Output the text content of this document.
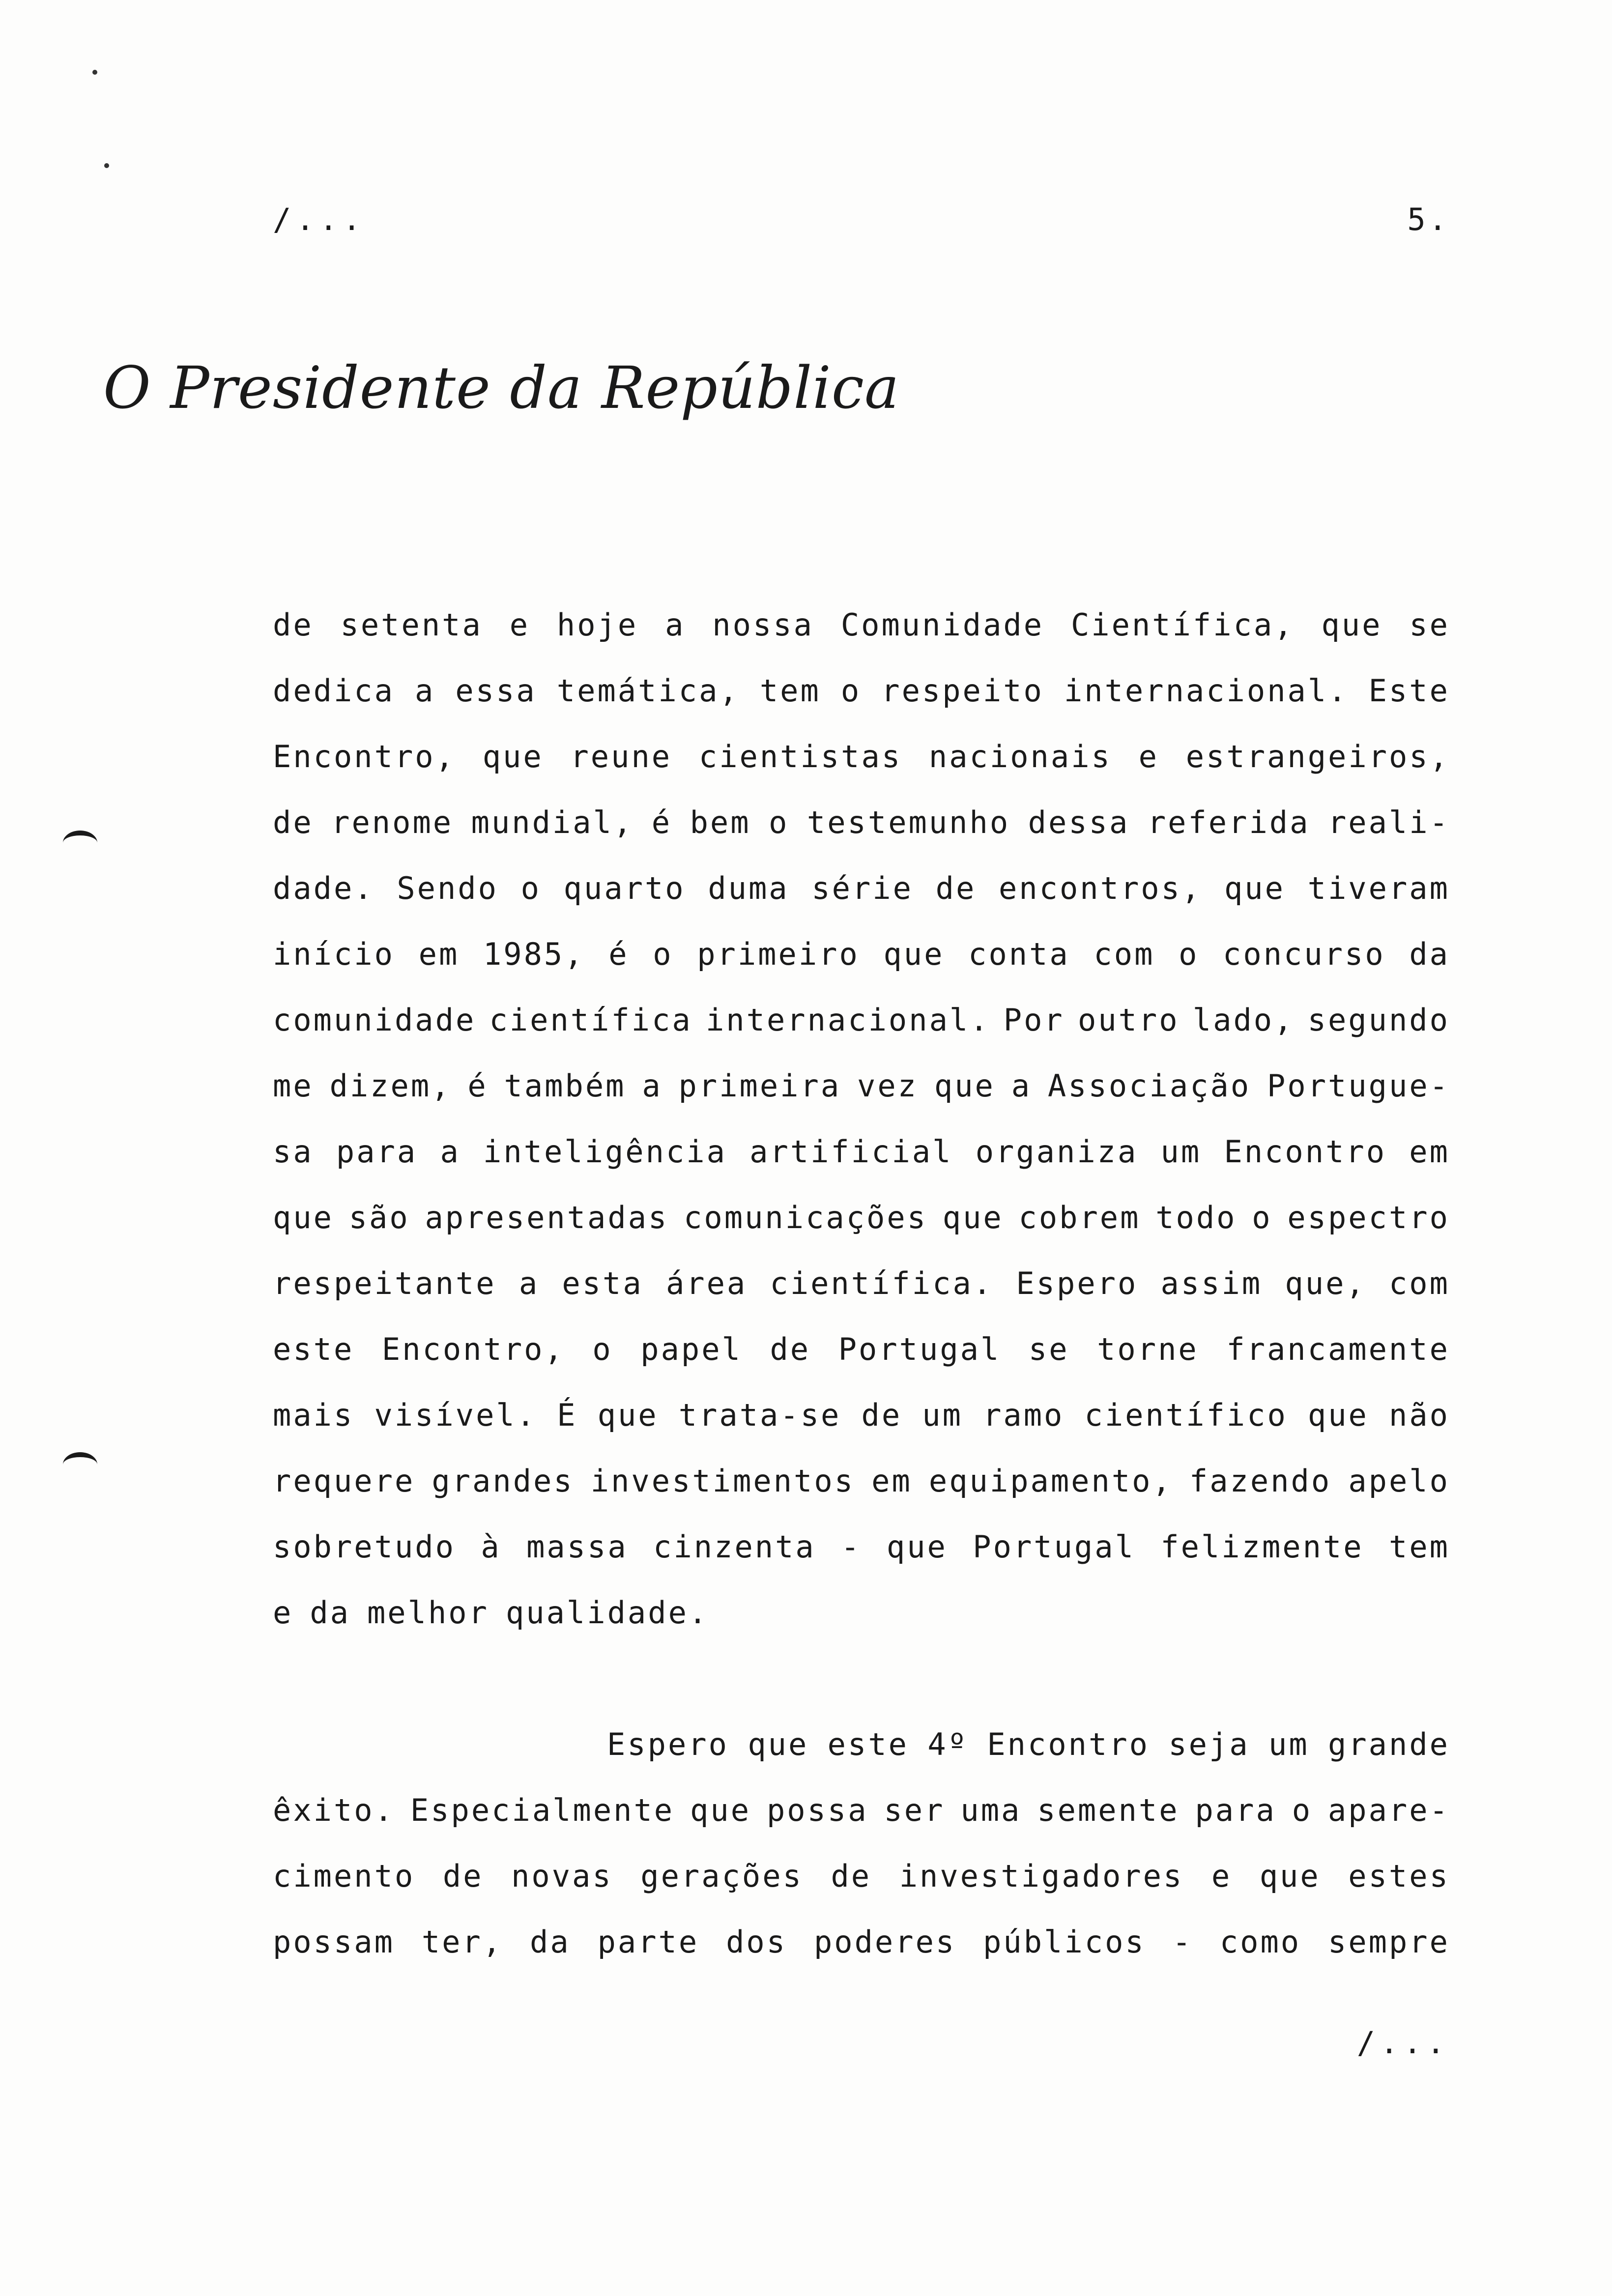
/...	5.
O Presidente da República
de setenta e hoje a nossa Comunidade Científica, que se
dedica a essa temática, tem o respeito internacional. Este
Encontro, que reune cientistas nacionais e estrangeiros,
de renome mundial, é bem o testemunho dessa referida reali-
dade. Sendo o quarto duma série de encontros, que tiveram
início em 1985, é o primeiro que conta com o concurso da
comunidade científica internacional. Por outro lado, segundo
me dizem, é também a primeira vez que a Associação Portugue-
sa para a inteligência artificial organiza um Encontro em
que são apresentadas comunicações que cobrem todo o espectro
respeitante a esta área científica. Espero assim que, com
este Encontro, o papel de Portugal se torne francamente
mais visível. É que trata-se de um ramo científico que não
requere grandes investimentos em equipamento, fazendo apelo
sobretudo à massa cinzenta - que Portugal felizmente tem
e da melhor qualidade.
Espero que este 4º Encontro seja um grande
êxito. Especialmente que possa ser uma semente para o apare-
cimento de novas gerações de investigadores e que estes
possam ter, da parte dos poderes públicos - como sempre
/...
